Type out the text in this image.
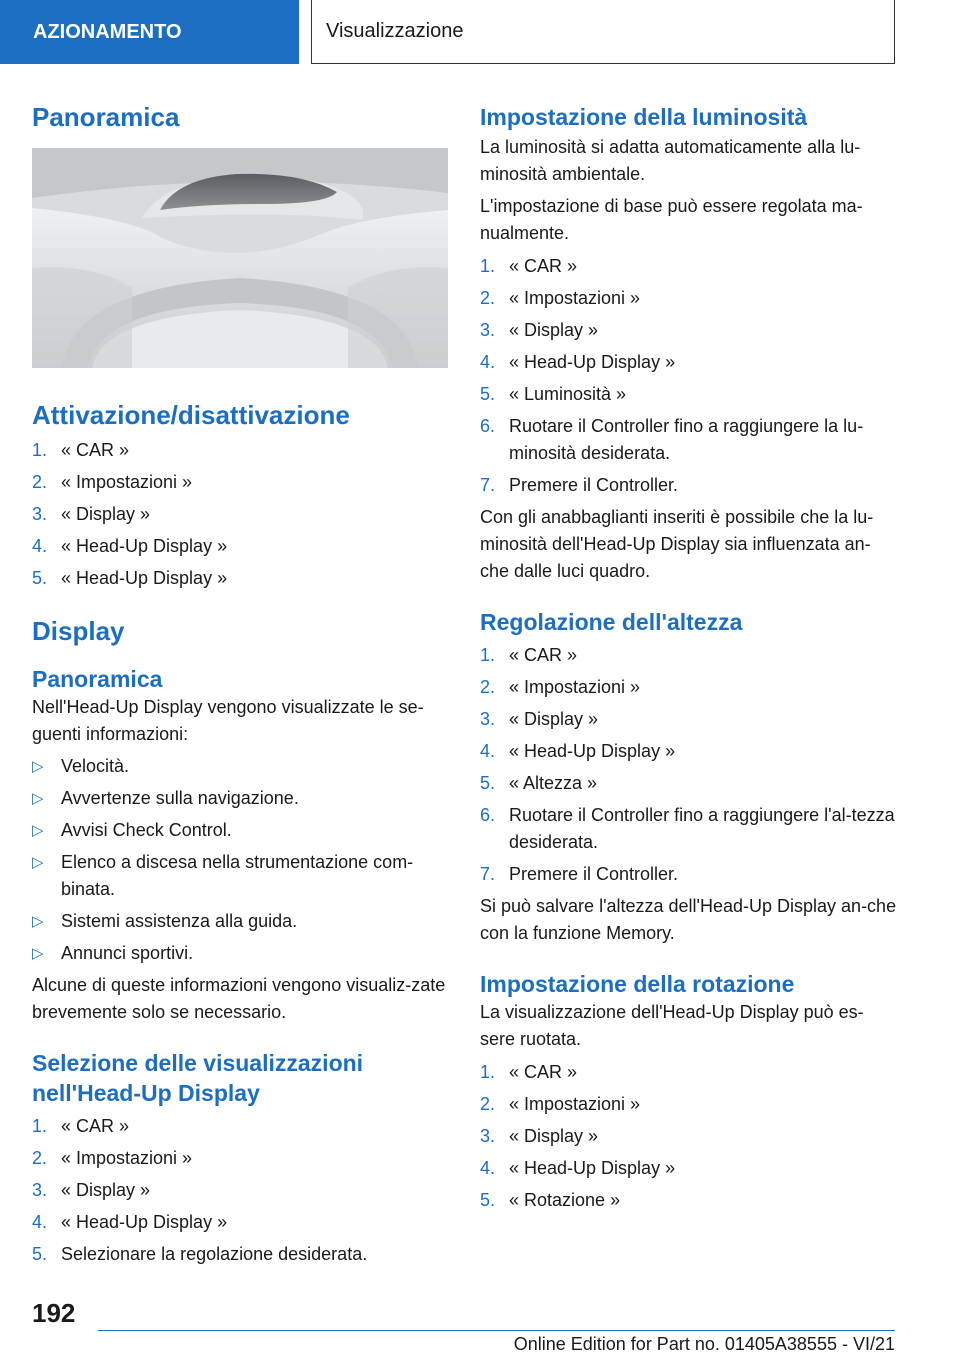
AZIONAMENTO	Visualizzazione
Panoramica
Attivazione/disattivazione
1. « CAR »
2. « Impostazioni »
3. « Display »
4. « Head-Up Display »
5. « Head-Up Display »
Display
Panoramica

Nell'Head-Up Display vengono visualizzate le se-guenti informazioni:

▷ Velocità.
▷ Avvertenze sulla navigazione.
▷ Avvisi Check Control.
▷ Elenco a discesa nella strumentazione com-binata.
▷ Sistemi assistenza alla guida.
▷ Annunci sportivi.

Alcune di queste informazioni vengono visualiz-zate brevemente solo se necessario.

Selezione delle visualizzazioni nell'Head-Up Display
1. « CAR »
2. « Impostazioni »
3. « Display »
4. « Head-Up Display »
5. Selezionare la regolazione desiderata.
Impostazione della luminosità

La luminosità si adatta automaticamente alla lu-minosità ambientale.

L'impostazione di base può essere regolata ma-nualmente.

1. « CAR »
2. « Impostazioni »
3. « Display »
4. « Head-Up Display »
5. « Luminosità »
6. Ruotare il Controller fino a raggiungere la lu-minosità desiderata.
7. Premere il Controller.

Con gli anabbaglianti inseriti è possibile che la lu-minosità dell'Head-Up Display sia influenzata an-che dalle luci quadro.

Regolazione dell'altezza
1. « CAR »
2. « Impostazioni »
3. « Display »
4. « Head-Up Display »
5. « Altezza »
6. Ruotare il Controller fino a raggiungere l'al-tezza desiderata.
7. Premere il Controller.

Si può salvare l'altezza dell'Head-Up Display an-che con la funzione Memory.

Impostazione della rotazione

La visualizzazione dell'Head-Up Display può es-sere ruotata.

1. « CAR »
2. « Impostazioni »
3. « Display »
4. « Head-Up Display »
5. « Rotazione »
192
Online Edition for Part no. 01405A38555 - VI/21
